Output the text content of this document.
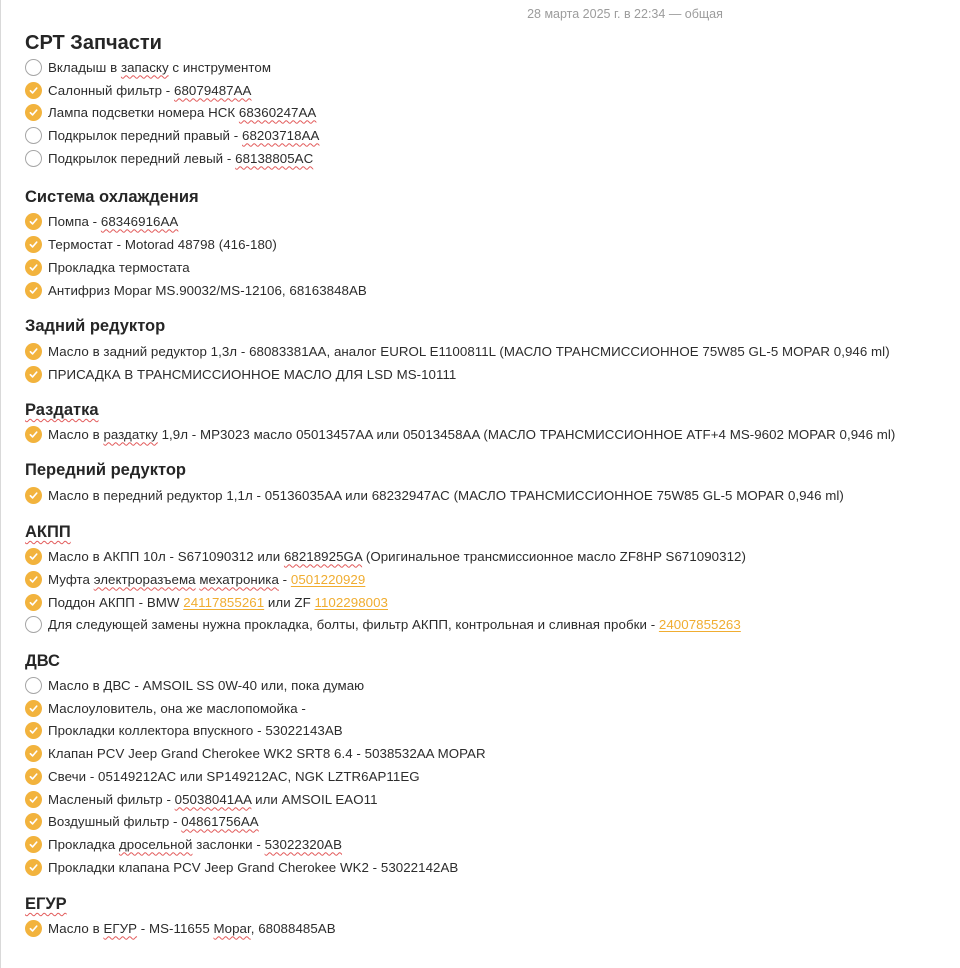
28 марта 2025 г. в 22:34 — общая
СРТ Запчасти
Вкладыш в запаску с инструментом
Салонный фильтр - 68079487AA
Лампа подсветки номера НСК 68360247AA
Подкрылок передний правый - 68203718AA
Подкрылок передний левый - 68138805AC
Система охлаждения
Помпа - 68346916AA
Термостат - Motorad 48798 (416-180)
Прокладка термостата
Антифриз Mopar MS.90032/MS-12106, 68163848AB
Задний редуктор
Масло в задний редуктор 1,3л - 68083381AA, аналог EUROL E1100811L (МАСЛО ТРАНСМИССИОННОЕ 75W85 GL-5 MOPAR 0,946 ml)
ПРИСАДКА В ТРАНСМИССИОННОЕ МАСЛО ДЛЯ LSD MS-10111
Раздатка
Масло в раздатку 1,9л - MP3023 масло 05013457AA или 05013458AA (МАСЛО ТРАНСМИССИОННОЕ ATF+4 MS-9602 MOPAR 0,946 ml)
Передний редуктор
Масло в передний редуктор 1,1л - 05136035AA или 68232947AC (МАСЛО ТРАНСМИССИОННОЕ 75W85 GL-5 MOPAR 0,946 ml)
АКПП
Масло в АКПП 10л - S671090312 или 68218925GA (Оригинальное трансмиссионное масло ZF8HP S671090312)
Муфта электроразъема мехатроника - 0501220929
Поддон АКПП - BMW 24117855261 или ZF 1102298003
Для следующей замены нужна прокладка, болты, фильтр АКПП, контрольная и сливная пробки - 24007855263
ДВС
Масло в ДВС - AMSOIL SS 0W-40 или, пока думаю
Маслоуловитель, она же маслопомойка -
Прокладки коллектора впускного - 53022143AB
Клапан PCV Jeep Grand Cherokee WK2 SRT8 6.4 - 5038532AA MOPAR
Свечи - 05149212AC или SP149212AC, NGK LZTR6AP11EG
Масленый фильтр - 05038041AA или AMSOIL EAO11
Воздушный фильтр - 04861756AA
Прокладка дросельной заслонки - 53022320AB
Прокладки клапана PCV Jeep Grand Cherokee WK2 - 53022142AB
ЕГУР
Масло в ЕГУР - MS-11655 Mopar, 68088485AB
